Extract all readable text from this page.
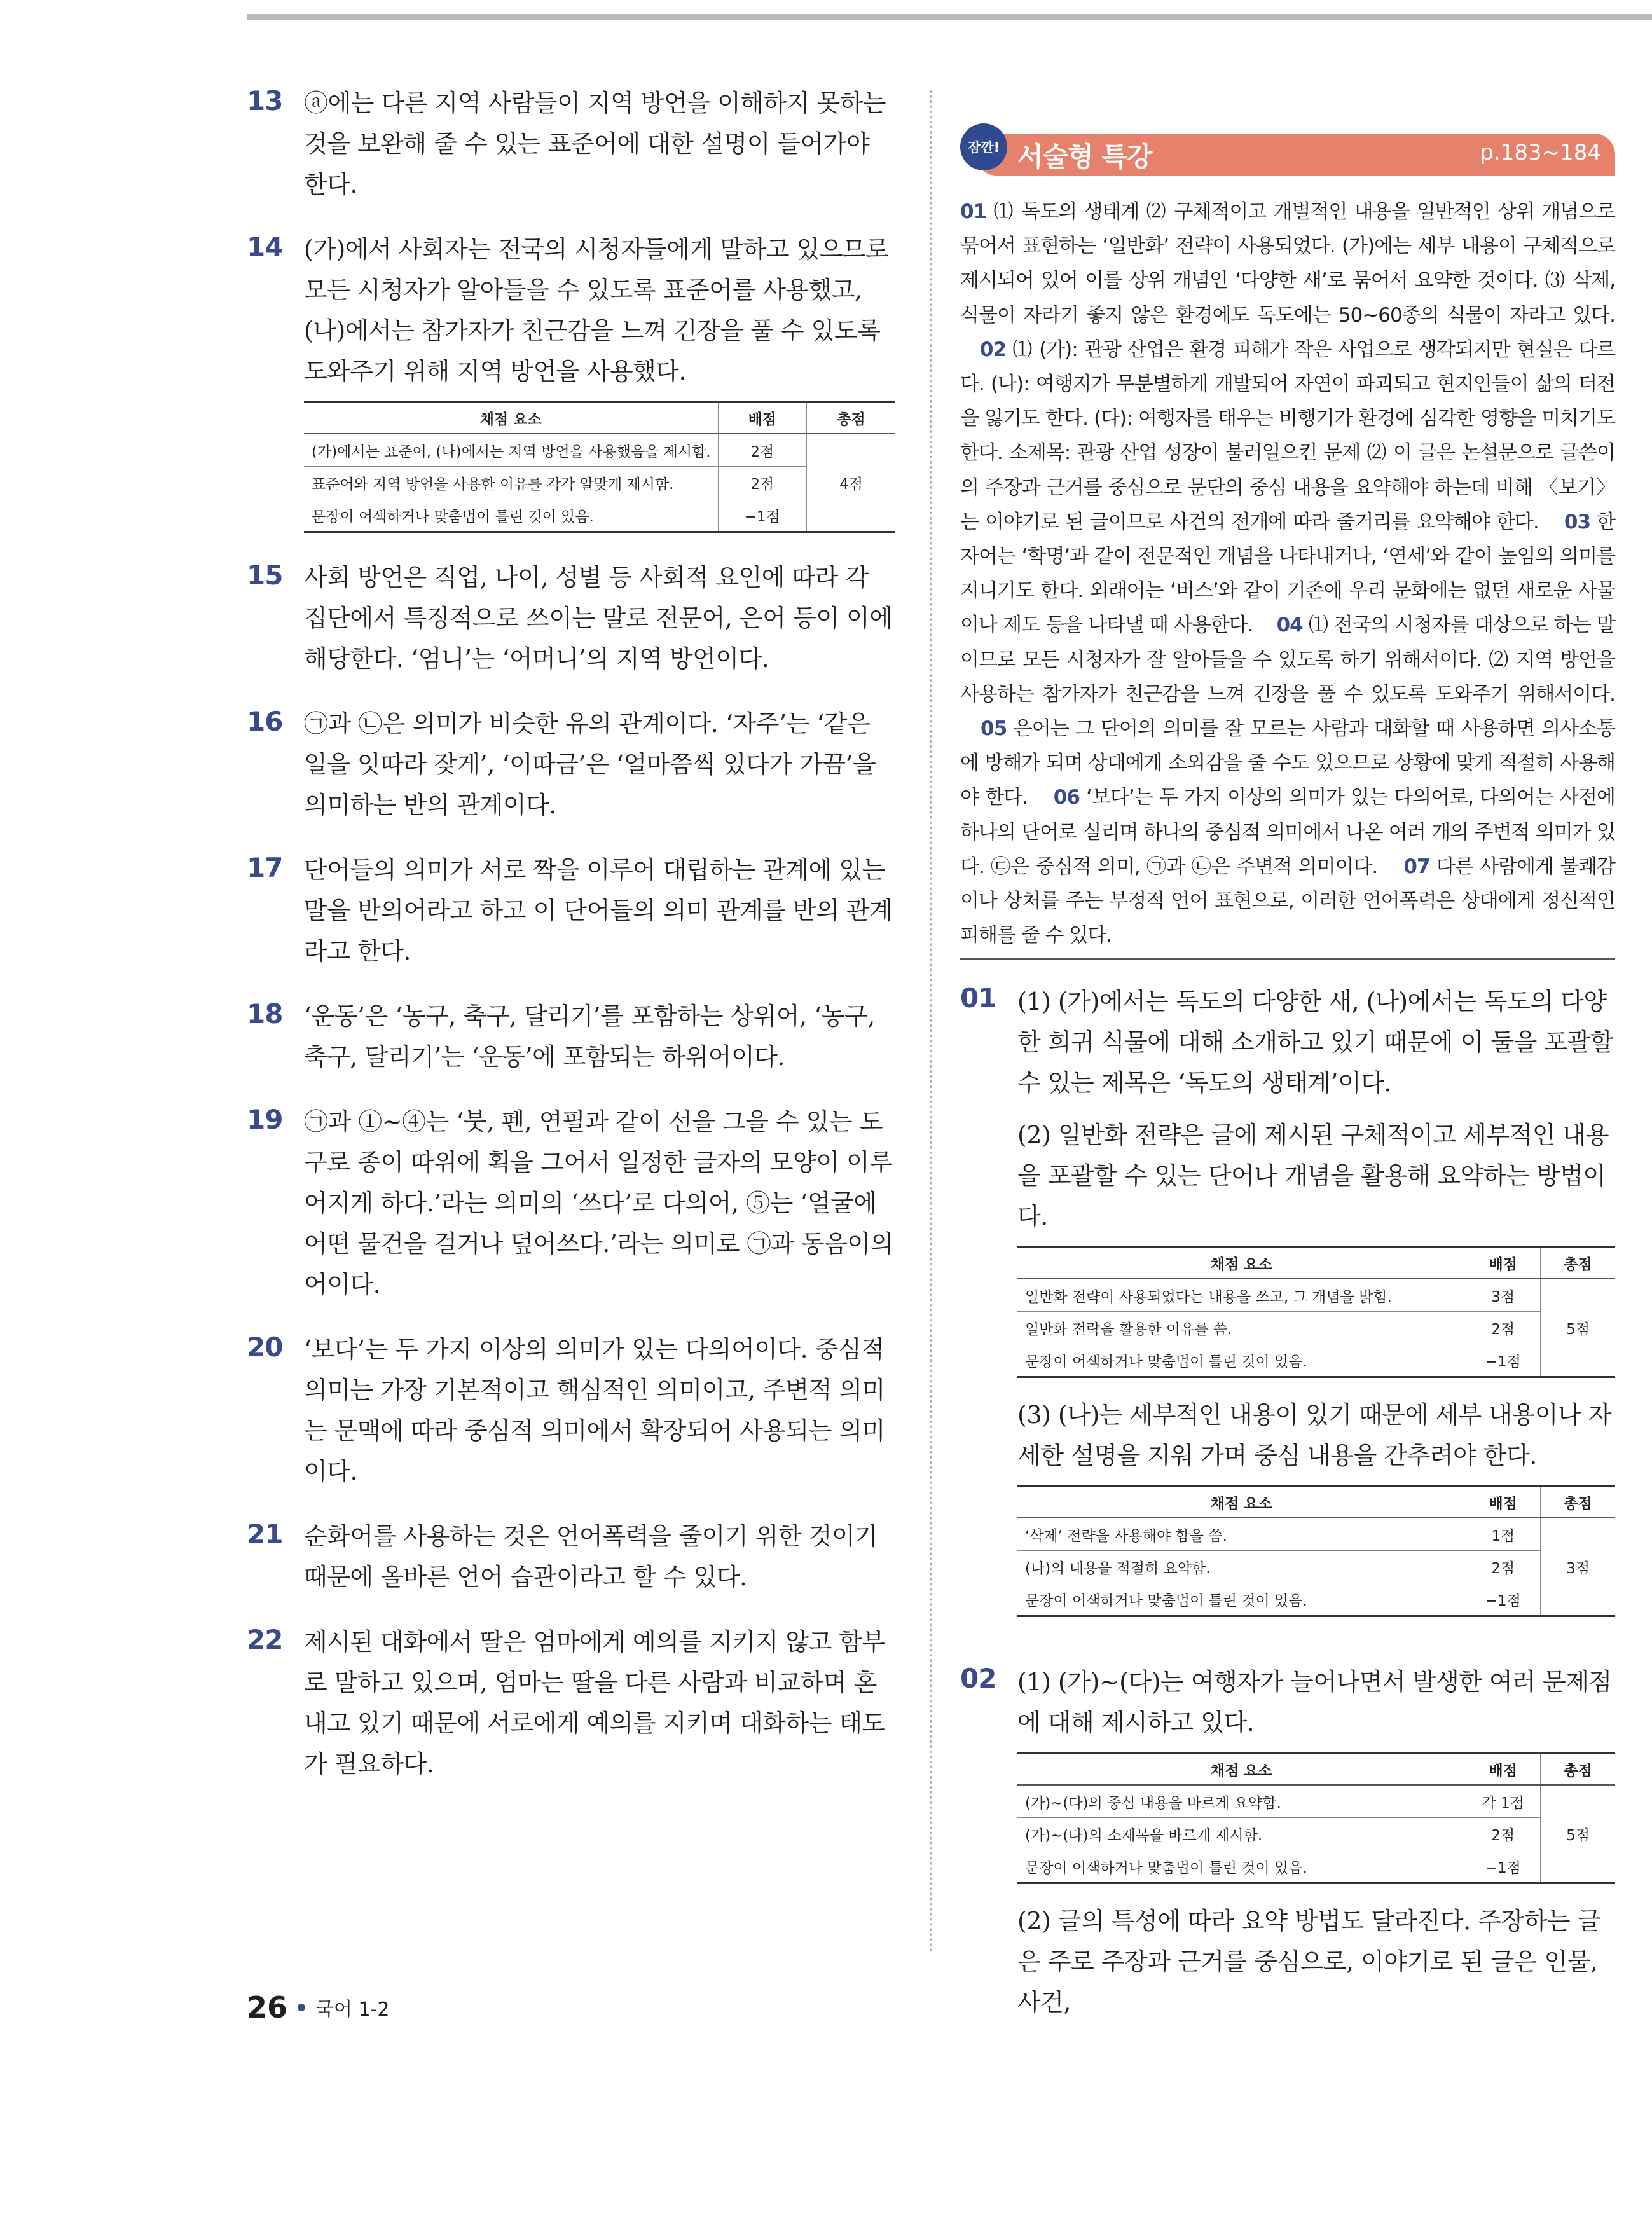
13 ⓐ에는 다른 지역 사람들이 지역 방언을 이해하지 못하는 것을 보완해 줄 수 있는 표준어에 대한 설명이 들어가야 한다.

14 (가)에서 사회자는 전국의 시청자들에게 말하고 있으므로 모든 시청자가 알아들을 수 있도록 표준어를 사용했고, (나)에서는 참가자가 친근감을 느껴 긴장을 풀 수 있도록 도와주기 위해 지역 방언을 사용했다.

채점 요소	배점	총점
(가)에서는 표준어, (나)에서는 지역 방언을 사용했음을 제시함.	2점	4점
표준어와 지역 방언을 사용한 이유를 각각 알맞게 제시함.	2점	
문장이 어색하거나 맞춤법이 틀린 것이 있음.	−1점	
15 사회 방언은 직업, 나이, 성별 등 사회적 요인에 따라 각 집단에서 특징적으로 쓰이는 말로 전문어, 은어 등이 이에 해당한다. ‘엄니’는 ‘어머니’의 지역 방언이다.

16 ㉠과 ㉡은 의미가 비슷한 유의 관계이다. ‘자주’는 ‘같은 일을 잇따라 잦게’, ‘이따금’은 ‘얼마쯤씩 있다가 가끔’을 의미하는 반의 관계이다.

17 단어들의 의미가 서로 짝을 이루어 대립하는 관계에 있는 말을 반의어라고 하고 이 단어들의 의미 관계를 반의 관계라고 한다.

18 ‘운동’은 ‘농구, 축구, 달리기’를 포함하는 상위어, ‘농구, 축구, 달리기’는 ‘운동’에 포함되는 하위어이다.

19 ㉠과 ①~④는 ‘붓, 펜, 연필과 같이 선을 그을 수 있는 도구로 종이 따위에 획을 그어서 일정한 글자의 모양이 이루어지게 하다.’라는 의미의 ‘쓰다’로 다의어, ⑤는 ‘얼굴에 어떤 물건을 걸거나 덮어쓰다.’라는 의미로 ㉠과 동음이의어이다.

20 ‘보다’는 두 가지 이상의 의미가 있는 다의어이다. 중심적 의미는 가장 기본적이고 핵심적인 의미이고, 주변적 의미는 문맥에 따라 중심적 의미에서 확장되어 사용되는 의미이다.

21 순화어를 사용하는 것은 언어폭력을 줄이기 위한 것이기 때문에 올바른 언어 습관이라고 할 수 있다.

22 제시된 대화에서 딸은 엄마에게 예의를 지키지 않고 함부로 말하고 있으며, 엄마는 딸을 다른 사람과 비교하며 혼내고 있기 때문에 서로에게 예의를 지키며 대화하는 태도가 필요하다.

잠깐! 서술형 특강	p.183~184

01 ⑴ 독도의 생태계 ⑵ 구체적이고 개별적인 내용을 일반적인 상위 개념으로 묶어서 표현하는 ‘일반화’ 전략이 사용되었다. (가)에는 세부 내용이 구체적으로 제시되어 있어 이를 상위 개념인 ‘다양한 새’로 묶어서 요약한 것이다. ⑶ 삭제, 식물이 자라기 좋지 않은 환경에도 독도에는 50~60종의 식물이 자라고 있다.    02 ⑴ (가): 관광 산업은 환경 피해가 작은 사업으로 생각되지만 현실은 다르다. (나): 여행지가 무분별하게 개발되어 자연이 파괴되고 현지인들이 삶의 터전을 잃기도 한다. (다): 여행자를 태우는 비행기가 환경에 심각한 영향을 미치기도 한다. 소제목: 관광 산업 성장이 불러일으킨 문제 ⑵ 이 글은 논설문으로 글쓴이의 주장과 근거를 중심으로 문단의 중심 내용을 요약해야 하는데 비해 〈보기〉는 이야기로 된 글이므로 사건의 전개에 따라 줄거리를 요약해야 한다. 03 한자어는 ‘학명’과 같이 전문적인 개념을 나타내거나, ‘연세’와 같이 높임의 의미를 지니기도 한다. 외래어는 ‘버스’와 같이 기존에 우리 문화에는 없던 새로운 사물이나 제도 등을 나타낼 때 사용한다. 04 ⑴ 전국의 시청자를 대상으로 하는 말이므로 모든 시청자가 잘 알아들을 수 있도록 하기 위해서이다. ⑵ 지역 방언을 사용하는 참가자가 친근감을 느껴 긴장을 풀 수 있도록 도와주기 위해서이다.    05 은어는 그 단어의 의미를 잘 모르는 사람과 대화할 때 사용하면 의사소통에 방해가 되며 상대에게 소외감을 줄 수도 있으므로 상황에 맞게 적절히 사용해야 한다. 06 ‘보다’는 두 가지 이상의 의미가 있는 다의어로, 다의어는 사전에 하나의 단어로 실리며 하나의 중심적 의미에서 나온 여러 개의 주변적 의미가 있다. ㉢은 중심적 의미, ㉠과 ㉡은 주변적 의미이다. 07 다른 사람에게 불쾌감이나 상처를 주는 부정적 언어 표현으로, 이러한 언어폭력은 상대에게 정신적인 피해를 줄 수 있다.

01 (1) (가)에서는 독도의 다양한 새, (나)에서는 독도의 다양한 희귀 식물에 대해 소개하고 있기 때문에 이 둘을 포괄할 수 있는 제목은 ‘독도의 생태계’이다.

(2) 일반화 전략은 글에 제시된 구체적이고 세부적인 내용을 포괄할 수 있는 단어나 개념을 활용해 요약하는 방법이다.

채점 요소	배점	총점
일반화 전략이 사용되었다는 내용을 쓰고, 그 개념을 밝힘.	3점	5점
일반화 전략을 활용한 이유를 씀.	2점	
문장이 어색하거나 맞춤법이 틀린 것이 있음.	−1점	

(3) (나)는 세부적인 내용이 있기 때문에 세부 내용이나 자세한 설명을 지워 가며 중심 내용을 간추려야 한다.

채점 요소	배점	총점
‘삭제’ 전략을 사용해야 함을 씀.	1점	3점
(나)의 내용을 적절히 요약함.	2점	
문장이 어색하거나 맞춤법이 틀린 것이 있음.	−1점	
02 (1) (가)~(다)는 여행자가 늘어나면서 발생한 여러 문제점에 대해 제시하고 있다.

채점 요소	배점	총점
(가)~(다)의 중심 내용을 바르게 요약함.	각 1점	5점
(가)~(다)의 소제목을 바르게 제시함.	2점	
문장이 어색하거나 맞춤법이 틀린 것이 있음.	−1점	

(2) 글의 특성에 따라 요약 방법도 달라진다. 주장하는 글은 주로 주장과 근거를 중심으로, 이야기로 된 글은 인물, 사건,

26 국어 1-2
